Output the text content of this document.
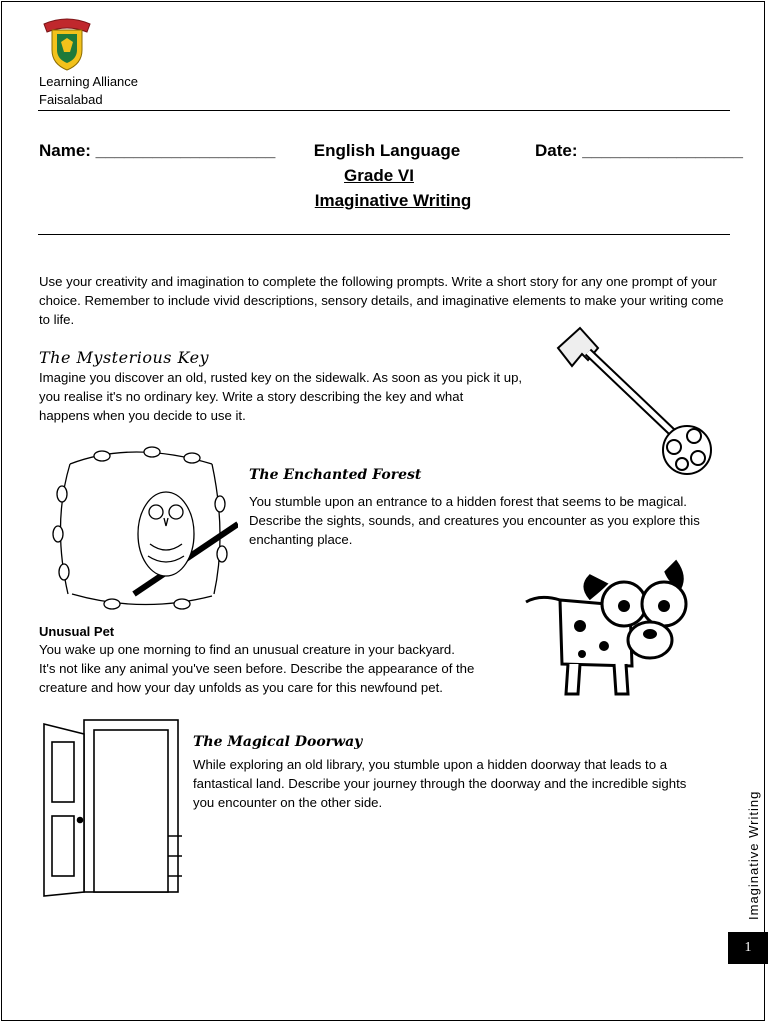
Learning Alliance
Faisalabad
Name: ___________________	English Language
Grade VI
Imaginative Writing
Date: _________________
Use your creativity and imagination to complete the following prompts. Write a short story for any one prompt of your choice. Remember to include vivid descriptions, sensory details, and imaginative elements to make your writing come to life.
The Mysterious Key
Imagine you discover an old, rusted key on the sidewalk. As soon as you pick it up,
you realise it's no ordinary key. Write a story describing the key and what
happens when you decide to use it.
The Enchanted Forest
You stumble upon an entrance to a hidden forest that seems to be magical.
Describe the sights, sounds, and creatures you encounter as you explore this
enchanting place.
Unusual Pet
You wake up one morning to find an unusual creature in your backyard.
It's not like any animal you've seen before. Describe the appearance of the
creature and how your day unfolds as you care for this newfound pet.
The Magical Doorway
While exploring an old library, you stumble upon a hidden doorway that leads to a
fantastical land. Describe your journey through the doorway and the incredible sights
you encounter on the other side.	Imaginative Writing
1
